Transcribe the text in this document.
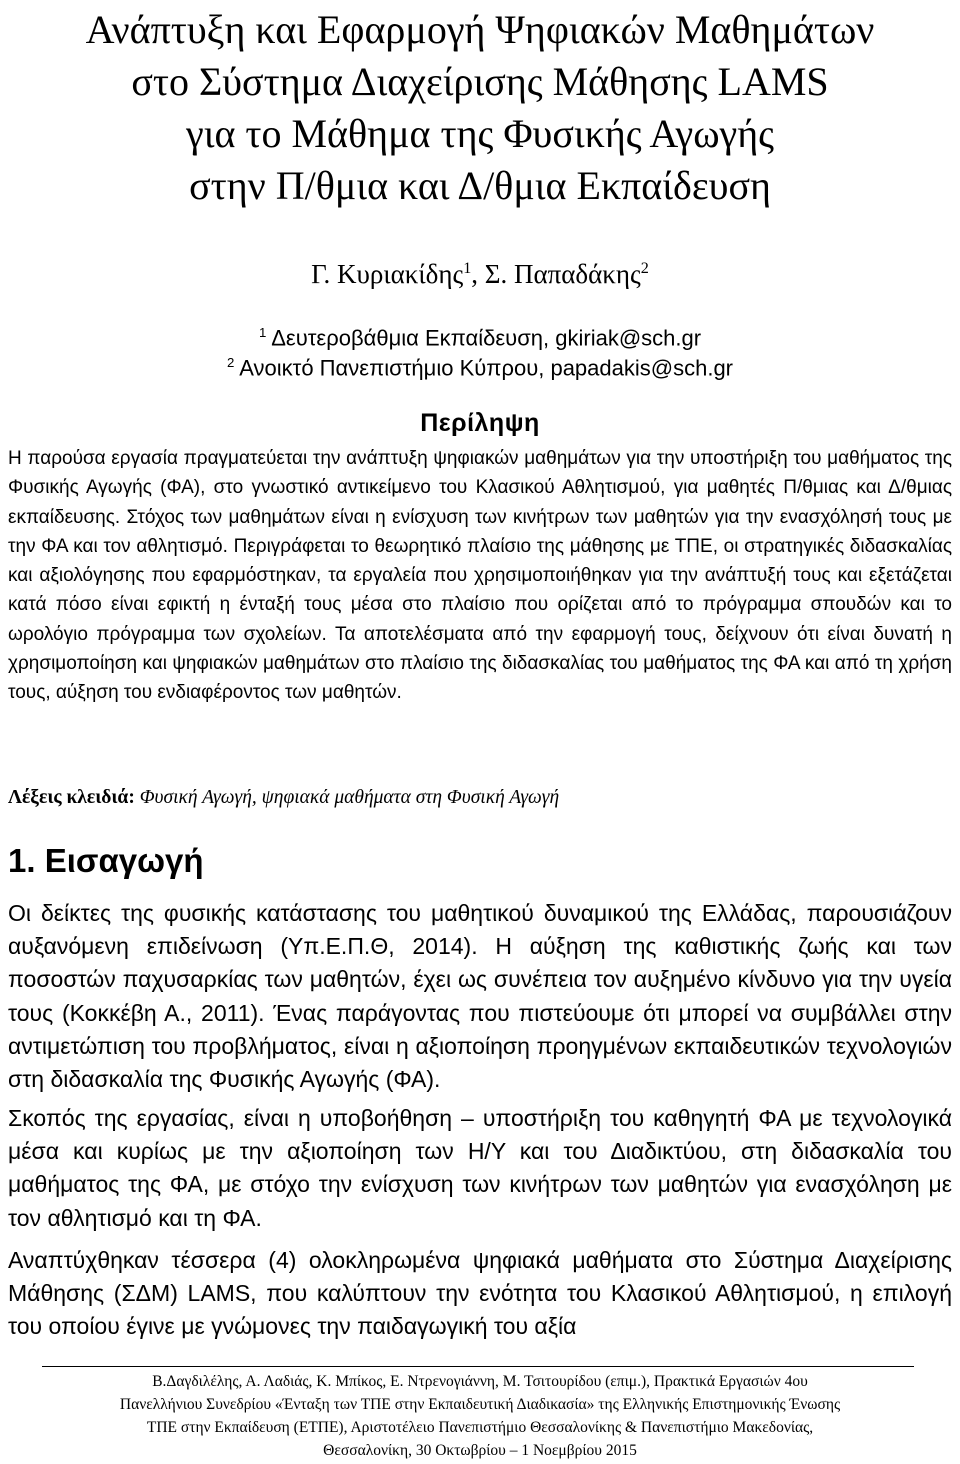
Ανάπτυξη και Εφαρμογή Ψηφιακών Μαθημάτων
στο Σύστημα Διαχείρισης Μάθησης LAMS
για το Μάθημα της Φυσικής Αγωγής
στην Π/θμια και Δ/θμια Εκπαίδευση
Γ. Κυριακίδης$^1$, Σ. Παπαδάκης$^2$
$^1$ Δευτεροβάθμια Εκπαίδευση, gkiriak@sch.gr
$^2$ Ανοικτό Πανεπιστήμιο Κύπρου, papadakis@sch.gr
Περίληψη
Η παρούσα εργασία πραγματεύεται την ανάπτυξη ψηφιακών μαθημάτων για την υποστήριξη του μαθήματος της Φυσικής Αγωγής (ΦΑ), στο γνωστικό αντικείμενο του Κλασικού Αθλητισμού, για μαθητές Π/θμιας και Δ/θμιας εκπαίδευσης. Στόχος των μαθημάτων είναι η ενίσχυση των κινήτρων των μαθητών για την ενασχόλησή τους με την ΦΑ και τον αθλητισμό. Περιγράφεται το θεωρητικό πλαίσιο της μάθησης με ΤΠΕ, οι στρατηγικές διδασκαλίας και αξιολόγησης που εφαρμόστηκαν, τα εργαλεία που χρησιμοποιήθηκαν για την ανάπτυξή τους και εξετάζεται κατά πόσο είναι εφικτή η ένταξή τους μέσα στο πλαίσιο που ορίζεται από το πρόγραμμα σπουδών και το ωρολόγιο πρόγραμμα των σχολείων. Τα αποτελέσματα από την εφαρμογή τους, δείχνουν ότι είναι δυνατή η χρησιμοποίηση και ψηφιακών μαθημάτων στο πλαίσιο της διδασκαλίας του μαθήματος της ΦΑ και από τη χρήση τους, αύξηση του ενδιαφέροντος των μαθητών.
Λέξεις κλειδιά: Φυσική Αγωγή, ψηφιακά μαθήματα στη Φυσική Αγωγή
1. Εισαγωγή
Οι δείκτες της φυσικής κατάστασης του μαθητικού δυναμικού της Ελλάδας, παρουσιάζουν αυξανόμενη επιδείνωση (Υπ.Ε.Π.Θ, 2014). Η αύξηση της καθιστικής ζωής και των ποσοστών παχυσαρκίας των μαθητών, έχει ως συνέπεια τον αυξημένο κίνδυνο για την υγεία τους (Κοκκέβη Α., 2011). Ένας παράγοντας που πιστεύουμε ότι μπορεί να συμβάλλει στην αντιμετώπιση του προβλήματος, είναι η αξιοποίηση προηγμένων εκπαιδευτικών τεχνολογιών στη διδασκαλία της Φυσικής Αγωγής (ΦΑ).
Σκοπός της εργασίας, είναι η υποβοήθηση – υποστήριξη του καθηγητή ΦΑ με τεχνολογικά μέσα και κυρίως με την αξιοποίηση των Η/Υ και του Διαδικτύου, στη διδασκαλία του μαθήματος της ΦΑ, με στόχο την ενίσχυση των κινήτρων των μαθητών για ενασχόληση με τον αθλητισμό και τη ΦΑ.
Αναπτύχθηκαν τέσσερα (4) ολοκληρωμένα ψηφιακά μαθήματα στο Σύστημα Διαχείρισης Μάθησης (ΣΔΜ) LAMS, που καλύπτουν την ενότητα του Κλασικού Αθλητισμού, η επιλογή του οποίου έγινε με γνώμονες την παιδαγωγική του αξία
Β.Δαγδιλέλης, Α. Λαδιάς, Κ. Μπίκος, Ε. Ντρενογιάννη, Μ. Τσιτουρίδου (επιμ.), Πρακτικά Εργασιών 4ου
Πανελλήνιου Συνεδρίου «Ένταξη των ΤΠΕ στην Εκπαιδευτική Διαδικασία» της Ελληνικής Επιστημονικής Ένωσης
ΤΠΕ στην Εκπαίδευση (ΕΤΠΕ), Αριστοτέλειο Πανεπιστήμιο Θεσσαλονίκης & Πανεπιστήμιο Μακεδονίας,
Θεσσαλονίκη, 30 Οκτωβρίου – 1 Νοεμβρίου 2015
